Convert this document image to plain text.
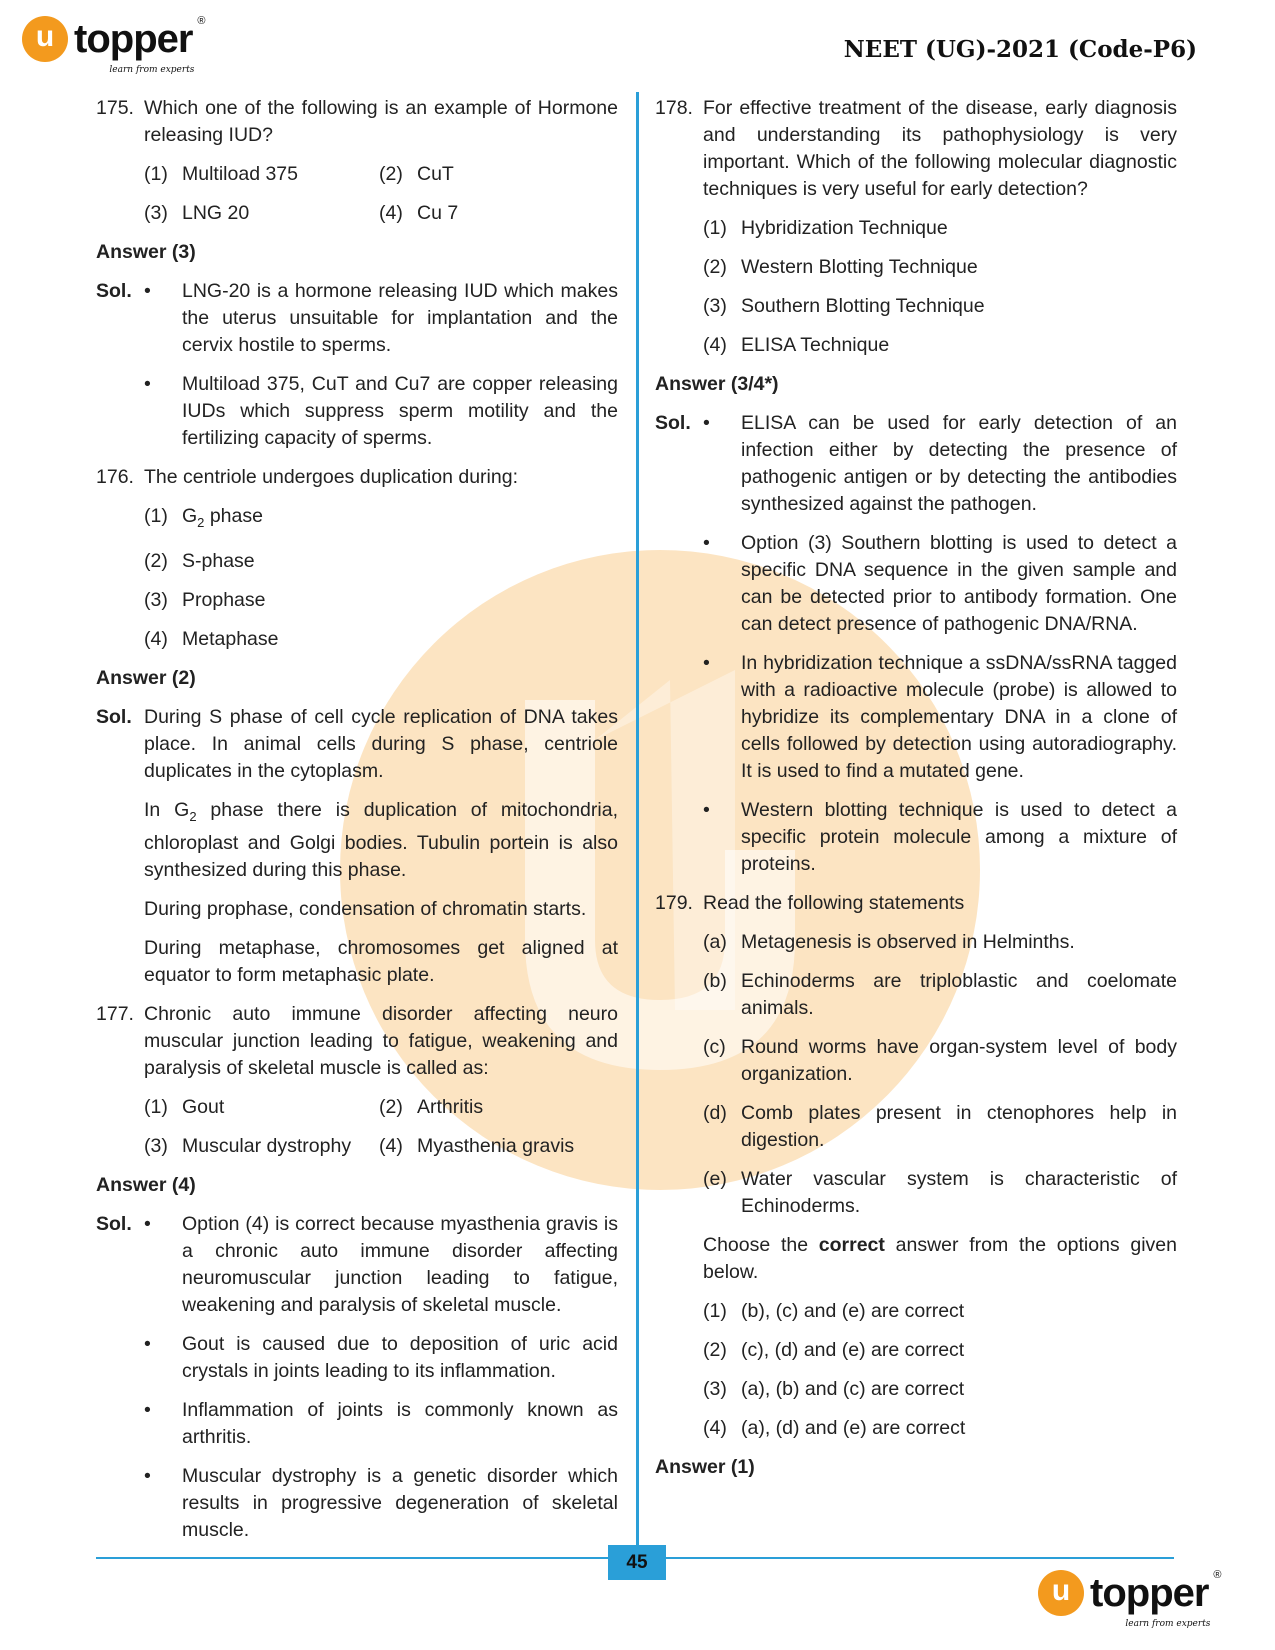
u topper ®
learn from experts
NEET (UG)-2021 (Code-P6)
175. Which one of the following is an example of Hormone releasing IUD?
(1) Multiload 375	(2) CuT
(3) LNG 20	(4) Cu 7
Answer (3)
Sol. •	LNG-20 is a hormone releasing IUD which makes the uterus unsuitable for implantation and the cervix hostile to sperms.
•	Multiload 375, CuT and Cu7 are copper releasing IUDs which suppress sperm motility and the fertilizing capacity of sperms.
176. The centriole undergoes duplication during:
(1) $G_2$ phase
(2) S-phase
(3) Prophase
(4) Metaphase
Answer (2)
Sol. During S phase of cell cycle replication of DNA takes place. In animal cells during S phase, centriole duplicates in the cytoplasm.
In $G_2$ phase there is duplication of mitochondria, chloroplast and Golgi bodies. Tubulin portein is also synthesized during this phase.
During prophase, condensation of chromatin starts.
During metaphase, chromosomes get aligned at equator to form metaphasic plate.
177. Chronic auto immune disorder affecting neuro muscular junction leading to fatigue, weakening and paralysis of skeletal muscle is called as:
(1) Gout	(2) Arthritis
(3) Muscular dystrophy (4) Myasthenia gravis
Answer (4)
Sol. •	Option (4) is correct because myasthenia gravis is a chronic auto immune disorder affecting neuromuscular junction leading to fatigue, weakening and paralysis of skeletal muscle.
•	Gout is caused due to deposition of uric acid crystals in joints leading to its inflammation.
•	Inflammation of joints is commonly known as arthritis.
•	Muscular dystrophy is a genetic disorder which results in progressive degeneration of skeletal muscle.
178. For effective treatment of the disease, early diagnosis and understanding its pathophysiology is very important. Which of the following molecular diagnostic techniques is very useful for early detection?
(1) Hybridization Technique
(2) Western Blotting Technique
(3) Southern Blotting Technique
(4) ELISA Technique
Answer (3/4*)
Sol. •	ELISA can be used for early detection of an infection either by detecting the presence of pathogenic antigen or by detecting the antibodies synthesized against the pathogen.
•	Option (3) Southern blotting is used to detect a specific DNA sequence in the given sample and can be detected prior to antibody formation. One can detect presence of pathogenic DNA/RNA.
•	In hybridization technique a ssDNA/ssRNA tagged with a radioactive molecule (probe) is allowed to hybridize its complementary DNA in a clone of cells followed by detection using autoradiography. It is used to find a mutated gene.
•	Western blotting technique is used to detect a specific protein molecule among a mixture of proteins.
179. Read the following statements
(a) Metagenesis is observed in Helminths.
(b) Echinoderms are triploblastic and coelomate animals.
(c) Round worms have organ-system level of body organization.
(d) Comb plates present in ctenophores help in digestion.
(e) Water vascular system is characteristic of Echinoderms.
Choose the correct answer from the options given below.
(1) (b), (c) and (e) are correct
(2) (c), (d) and (e) are correct
(3) (a), (b) and (c) are correct
(4) (a), (d) and (e) are correct
Answer (1)
45
u topper ®
learn from experts
